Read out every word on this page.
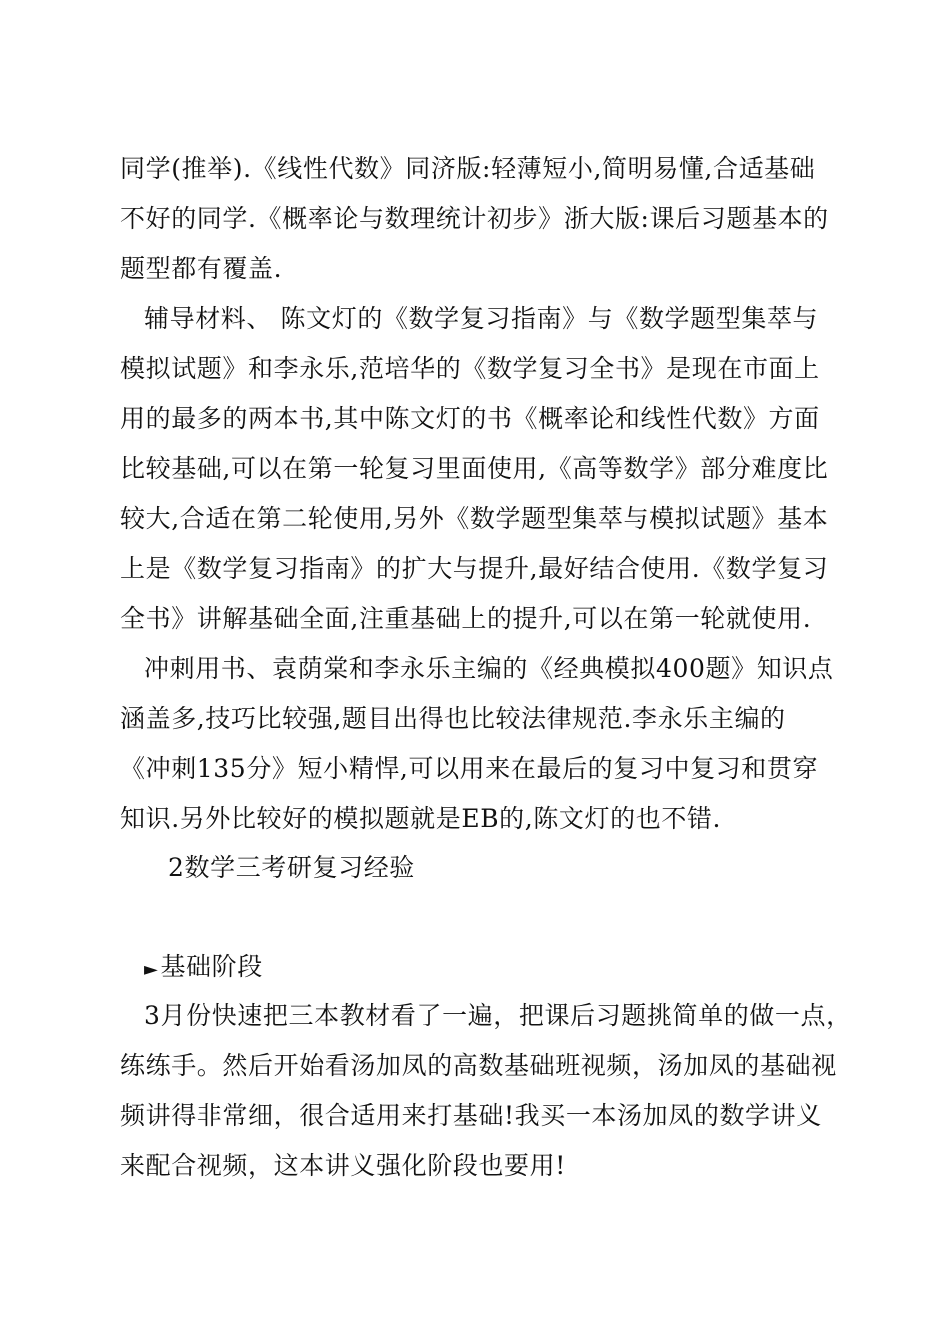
同学(推举).《线性代数》同济版:轻薄短小,简明易懂,合适基础
不好的同学.《概率论与数理统计初步》浙大版:课后习题基本的
题型都有覆盖.
辅导材料、 陈文灯的《数学复习指南》与《数学题型集萃与
模拟试题》和李永乐,范培华的《数学复习全书》是现在市面上
用的最多的两本书,其中陈文灯的书《概率论和线性代数》方面
比较基础,可以在第一轮复习里面使用,《高等数学》部分难度比
较大,合适在第二轮使用,另外《数学题型集萃与模拟试题》基本
上是《数学复习指南》的扩大与提升,最好结合使用.《数学复习
全书》讲解基础全面,注重基础上的提升,可以在第一轮就使用.
冲刺用书、袁荫棠和李永乐主编的《经典模拟400题》知识点
涵盖多,技巧比较强,题目出得也比较法律规范.李永乐主编的
《冲刺135分》短小精悍,可以用来在最后的复习中复习和贯穿
知识.另外比较好的模拟题就是EB的,陈文灯的也不错.
2数学三考研复习经验
►基础阶段
3月份快速把三本教材看了一遍，把课后习题挑简单的做一点，
练练手。然后开始看汤加凤的高数基础班视频，汤加凤的基础视
频讲得非常细，很合适用来打基础!我买一本汤加凤的数学讲义
来配合视频，这本讲义强化阶段也要用!
